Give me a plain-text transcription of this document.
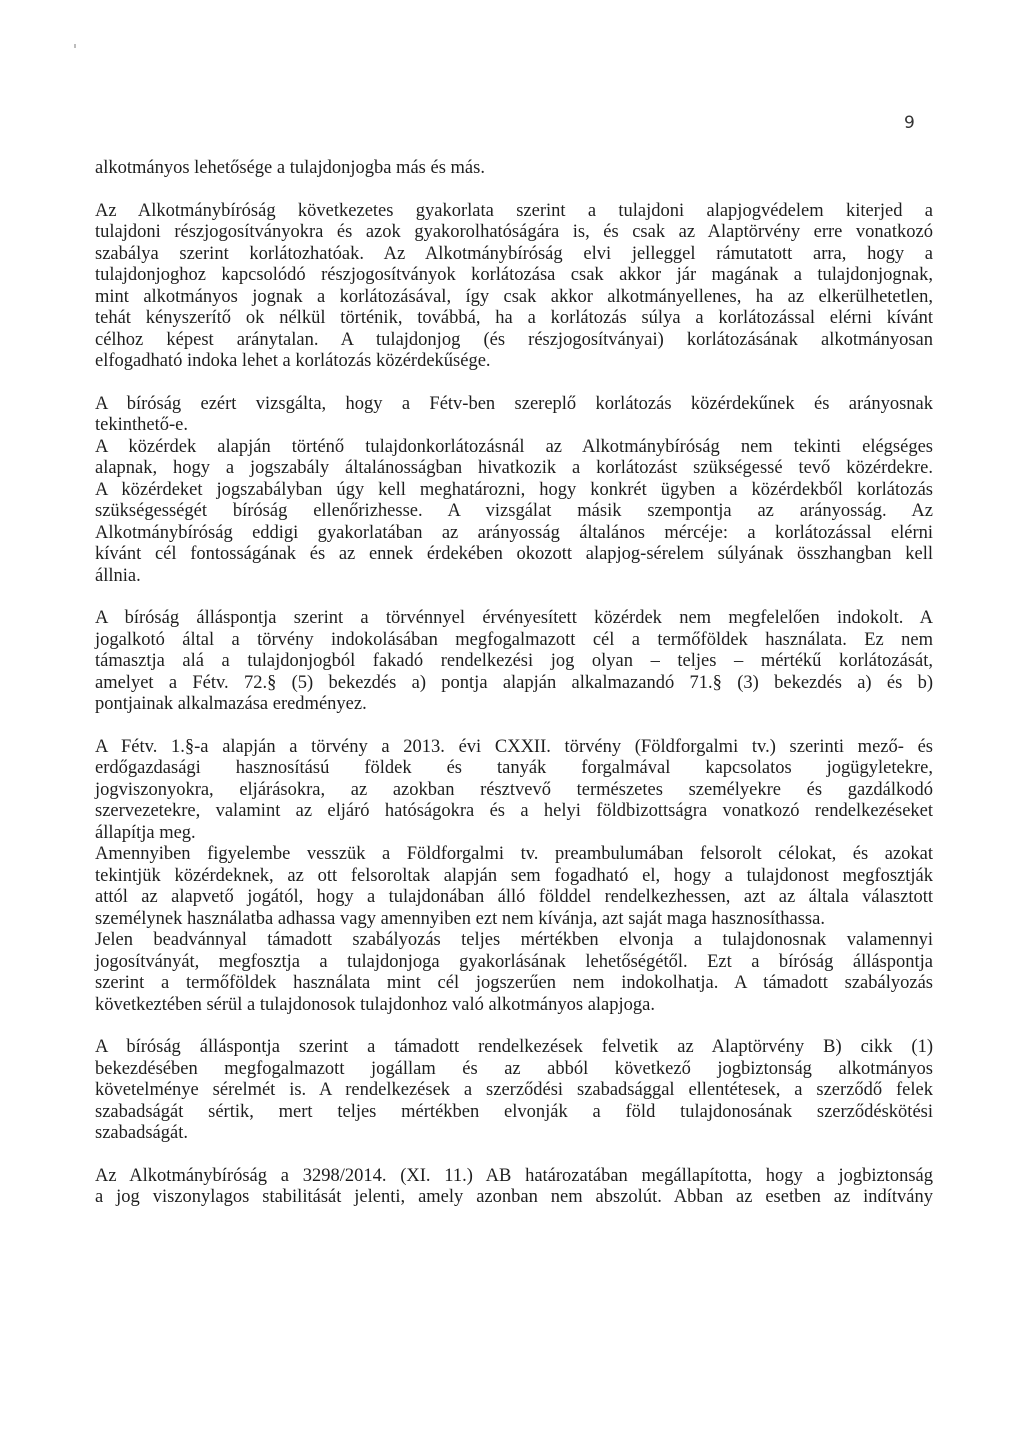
9
alkotmányos lehetősége a tulajdonjogba más és más.
Az Alkotmánybíróság következetes gyakorlata szerint a tulajdoni alapjogvédelem kiterjed a
tulajdoni részjogosítványokra és azok gyakorolhatóságára is, és csak az Alaptörvény erre vonatkozó
szabálya szerint korlátozhatóak. Az Alkotmánybíróság elvi jelleggel rámutatott arra, hogy a
tulajdonjoghoz kapcsolódó részjogosítványok korlátozása csak akkor jár magának a tulajdonjognak,
mint alkotmányos jognak a korlátozásával, így csak akkor alkotmányellenes, ha az elkerülhetetlen,
tehát kényszerítő ok nélkül történik, továbbá, ha a korlátozás súlya a korlátozással elérni kívánt
célhoz képest aránytalan. A tulajdonjog (és részjogosítványai) korlátozásának alkotmányosan
elfogadható indoka lehet a korlátozás közérdekűsége.
A bíróság ezért vizsgálta, hogy a Fétv-ben szereplő korlátozás közérdekűnek és arányosnak
tekinthető-e.
A közérdek alapján történő tulajdonkorlátozásnál az Alkotmánybíróság nem tekinti elégséges
alapnak, hogy a jogszabály általánosságban hivatkozik a korlátozást szükségessé tevő közérdekre.
A közérdeket jogszabályban úgy kell meghatározni, hogy konkrét ügyben a közérdekből korlátozás
szükségességét bíróság ellenőrizhesse. A vizsgálat másik szempontja az arányosság. Az
Alkotmánybíróság eddigi gyakorlatában az arányosság általános mércéje: a korlátozással elérni
kívánt cél fontosságának és az ennek érdekében okozott alapjog-sérelem súlyának összhangban kell
állnia.
A bíróság álláspontja szerint a törvénnyel érvényesített közérdek nem megfelelően indokolt. A
jogalkotó által a törvény indokolásában megfogalmazott cél a termőföldek használata. Ez nem
támasztja alá a tulajdonjogból fakadó rendelkezési jog olyan – teljes – mértékű korlátozását,
amelyet a Fétv. 72.§ (5) bekezdés a) pontja alapján alkalmazandó 71.§ (3) bekezdés a) és b)
pontjainak alkalmazása eredményez.
A Fétv. 1.§-a alapján a törvény a 2013. évi CXXII. törvény (Földforgalmi tv.) szerinti mező- és
erdőgazdasági hasznosítású földek és tanyák forgalmával kapcsolatos jogügyletekre,
jogviszonyokra, eljárásokra, az azokban résztvevő természetes személyekre és gazdálkodó
szervezetekre, valamint az eljáró hatóságokra és a helyi földbizottságra vonatkozó rendelkezéseket
állapítja meg.
Amennyiben figyelembe vesszük a Földforgalmi tv. preambulumában felsorolt célokat, és azokat
tekintjük közérdeknek, az ott felsoroltak alapján sem fogadható el, hogy a tulajdonost megfosztják
attól az alapvető jogától, hogy a tulajdonában álló földdel rendelkezhessen, azt az általa választott
személynek használatba adhassa vagy amennyiben ezt nem kívánja, azt saját maga hasznosíthassa.
Jelen beadvánnyal támadott szabályozás teljes mértékben elvonja a tulajdonosnak valamennyi
jogosítványát, megfosztja a tulajdonjoga gyakorlásának lehetőségétől. Ezt a bíróság álláspontja
szerint a termőföldek használata mint cél jogszerűen nem indokolhatja. A támadott szabályozás
következtében sérül a tulajdonosok tulajdonhoz való alkotmányos alapjoga.
A bíróság álláspontja szerint a támadott rendelkezések felvetik az Alaptörvény B) cikk (1)
bekezdésében megfogalmazott jogállam és az abból következő jogbiztonság alkotmányos
követelménye sérelmét is. A rendelkezések a szerződési szabadsággal ellentétesek, a szerződő felek
szabadságát sértik, mert teljes mértékben elvonják a föld tulajdonosának szerződéskötési
szabadságát.
Az Alkotmánybíróság a 3298/2014. (XI. 11.) AB határozatában megállapította, hogy a jogbiztonság
a jog viszonylagos stabilitását jelenti, amely azonban nem abszolút. Abban az esetben az indítvány
